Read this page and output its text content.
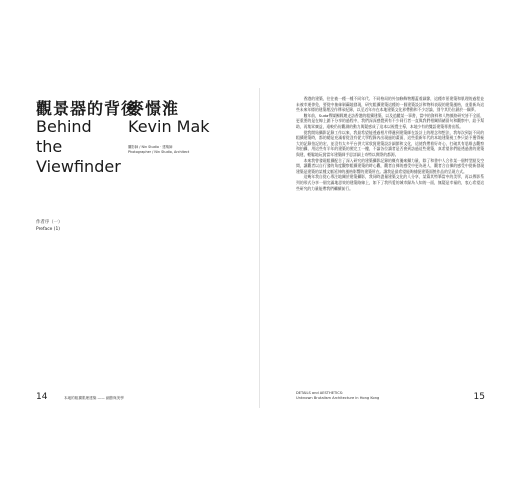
觀景器的背後
Behind
the
Viewfinder
麥憬淮
Kevin Mak
攝影師 / Nin Studio · 建築師
Photographer / Nin Studio, Architect
作者序（一）
Preface (1)
14	本地的粗獷肌理建築 —— 細節與美學

香港的建築，往往被一種一種不同年代、不同格局的外加修飾物覆蓋着細節，這種市景建築和肌理的過程並未被幸運倖免，要從中抽絲剝繭地發現，研究粗獷建築這種的一個建築設計和物料表現的建築風格，並重新為這些未來年標的建築埋沒作傳承紀錄，以至近年亦在本地建築文化界帶動和不少討論，別令其仍位鎖於一隅夢。

數年前，Suda傳媒團隊邀走訪香港的粗獷建築，以及追蹤某一事書，當中的資料和人物脈絡研究皆不全面，更重要的是在線上錯下分享的過程中，我們深深感覺到有不少同行者一直與我們相關情緒留句和觀察中，給予幫助，再集眾廣益，遠較仍仿觀測的動力與疑惑成了這本以視覺主導，本地少有的雙語建築專書出版。

從我開始攝影記錄工作以來，我最希望能透過相片傳遞到建築師在設計上的理念和想法，我每次到訪不同的粗獷建築時，都的總是充滿着從沒有從大學程錄內出現過的畫面，這些重新年代的本地建築視工參只給予獲得極大的記錄拍記的宏，並沒有太多平台供大眾欣賞建築設計細節和文化，這使我帶着好奇心，打破其有思維去觀察和拍攝，用這些有半年的建築的照完工一樓，不論各位讀者是否會到訪過這些建築，真希望你們能透過書的建築與建，輕鬆地玩賞當年建築師手思詳細上奇特以實際的都源。

本來我曾發現粗獷配合了深入研究的建築攝影記錄的概有獨來攝力量，除了和書中人合作某一個特型點及空間，讓觀者以自行發的角度觀察粗獷建築的時心觀，觀者自揮的感受中更為迷人，觀者合自揮的感受中從新發現建築是建築的某種文脈延伸的風格影響的建築所在。讓我是最希望能夠捕捉建築面貌作品的呈現方式。

這幾年我自從心專注地關於建築攝影，我同時盡量建築文化的人分享，某篇其特筆當中的美學，再以傳影系列的形式分享一個完滿地思效的建築路線上，如下了我所愛的城市歸為人知的一面，無疑是幸福的，衷心希望這些研究的力量能帶我們繼續前行。

DETAILS and AESTHETICS:
Unknown Brutalism Architecture in Hong Kong	15
